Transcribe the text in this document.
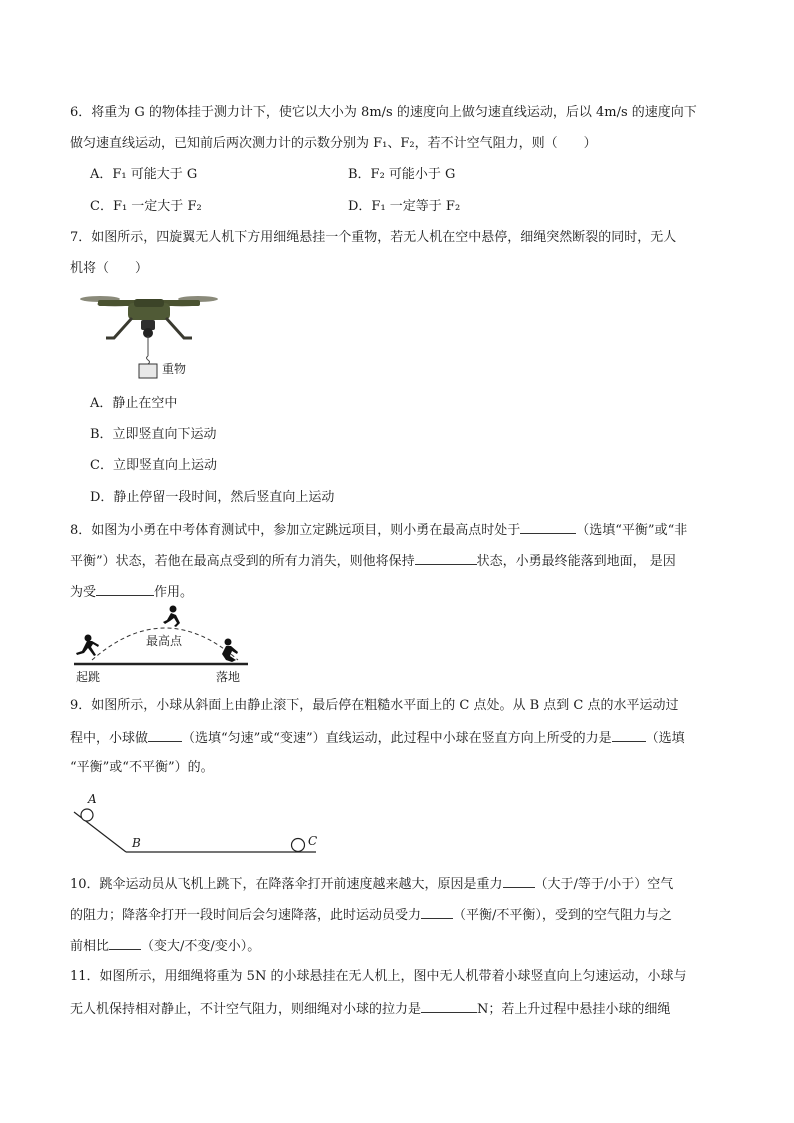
6．将重为 G 的物体挂于测力计下，使它以大小为 8m/s 的速度向上做匀速直线运动，后以 4m/s 的速度向下
做匀速直线运动，已知前后两次测力计的示数分别为 F₁、F₂，若不计空气阻力，则（　　）
A．F₁ 可能大于 G	B．F₂ 可能小于 G
C．F₁ 一定大于 F₂	D．F₁ 一定等于 F₂
7．如图所示，四旋翼无人机下方用细绳悬挂一个重物，若无人机在空中悬停，细绳突然断裂的同时，无人
机将（　　）
重物
A．静止在空中
B．立即竖直向下运动
C．立即竖直向上运动
D．静止停留一段时间，然后竖直向上运动
8．如图为小勇在中考体育测试中，参加立定跳远项目，则小勇在最高点时处于	（选填“平衡”或“非
平衡”）状态，若他在最高点受到的所有力消失，则他将保持	状态，小勇最终能落到地面， 是因
为受	作用。
最高点
起跳	落地
9．如图所示，小球从斜面上由静止滚下，最后停在粗糙水平面上的 C 点处。从 B 点到 C 点的水平运动过
程中，小球做	（选填“匀速”或“变速”）直线运动，此过程中小球在竖直方向上所受的力是	（选填
“平衡”或“不平衡”）的。
A
B	C
10．跳伞运动员从飞机上跳下，在降落伞打开前速度越来越大，原因是重力 （大于/等于/小于）空气
的阻力；降落伞打开一段时间后会匀速降落，此时运动员受力 （平衡/不平衡），受到的空气阻力与之
前相比 （变大/不变/变小）。
11．如图所示，用细绳将重为 5N 的小球悬挂在无人机上，图中无人机带着小球竖直向上匀速运动，小球与
无人机保持相对静止，不计空气阻力，则细绳对小球的拉力是	N；若上升过程中悬挂小球的细绳
